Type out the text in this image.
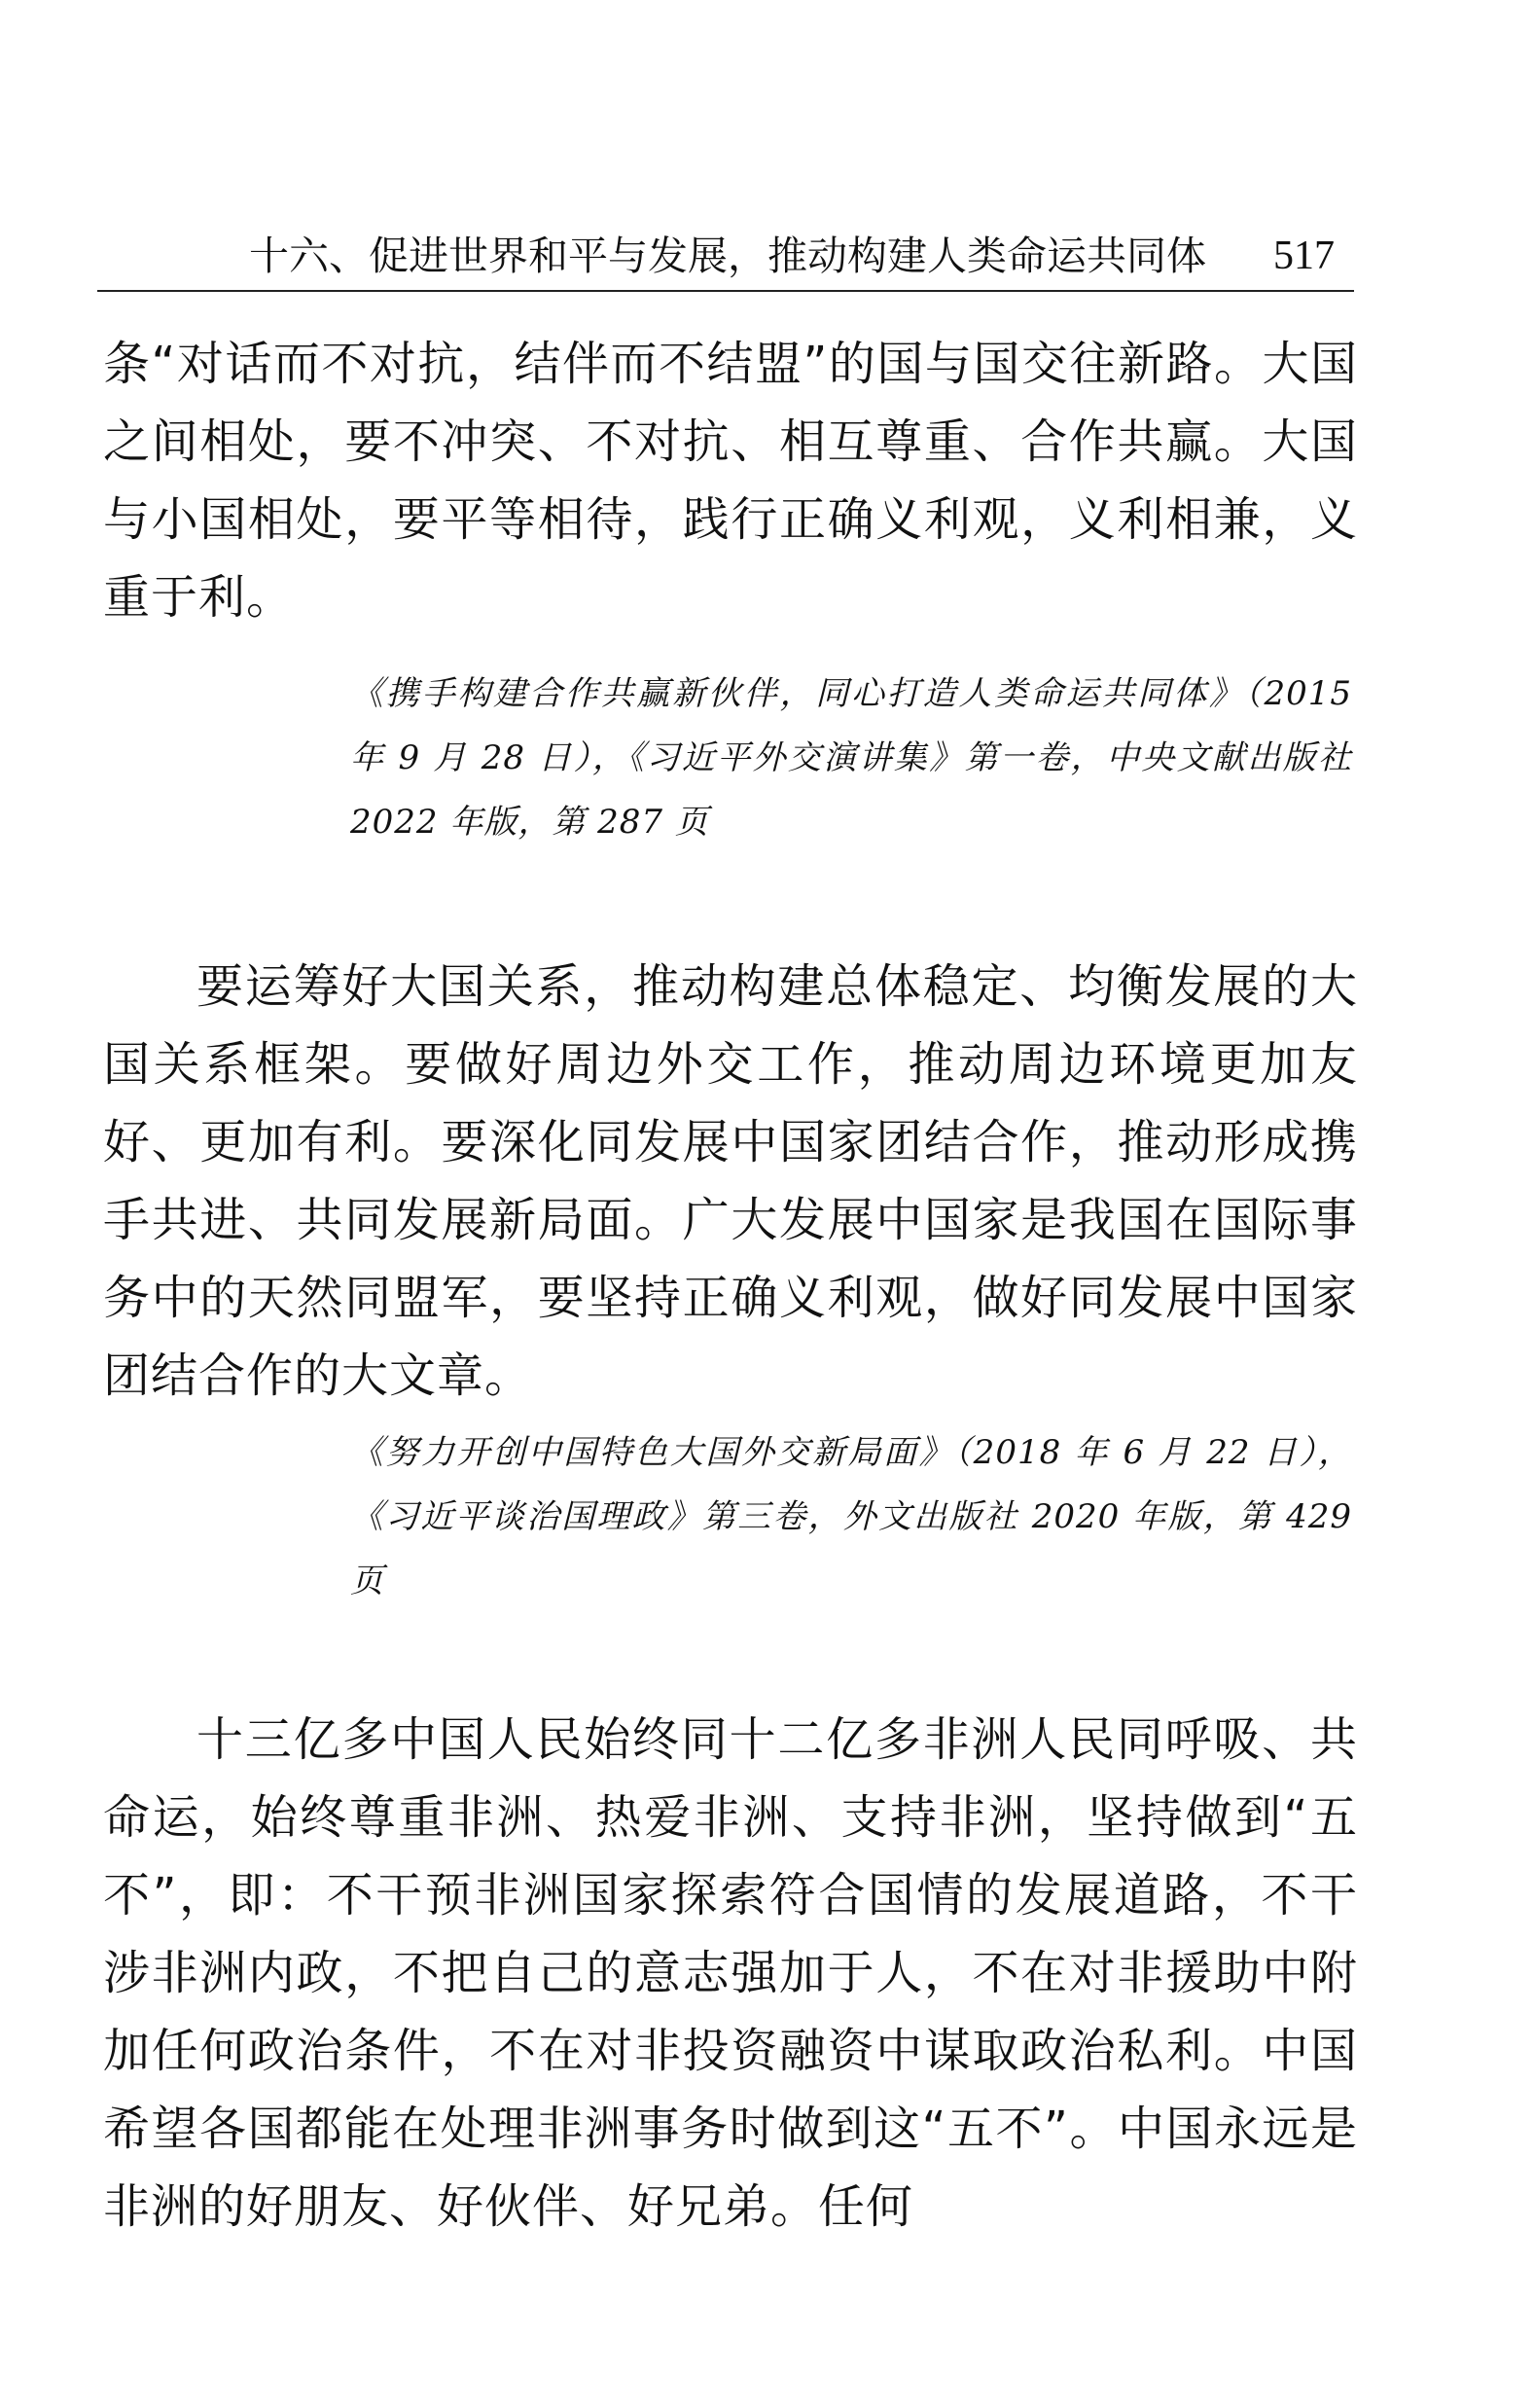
十六、促进世界和平与发展，推动构建人类命运共同体 517

条“对话而不对抗，结伴而不结盟”的国与国交往新路。大国之间相处，要不冲突、不对抗、相互尊重、合作共赢。大国与小国相处，要平等相待，践行正确义利观，义利相兼，义重于利。

《携手构建合作共赢新伙伴，同心打造人类命运共同体》（2015 年 9 月 28 日），《习近平外交演讲集》第一卷，中央文献出版社 2022 年版，第 287 页

要运筹好大国关系，推动构建总体稳定、均衡发展的大国关系框架。要做好周边外交工作，推动周边环境更加友好、更加有利。要深化同发展中国家团结合作，推动形成携手共进、共同发展新局面。广大发展中国家是我国在国际事务中的天然同盟军，要坚持正确义利观，做好同发展中国家团结合作的大文章。

《努力开创中国特色大国外交新局面》（2018 年 6 月 22 日），《习近平谈治国理政》第三卷，外文出版社 2020 年版，第 429 页

十三亿多中国人民始终同十二亿多非洲人民同呼吸、共命运，始终尊重非洲、热爱非洲、支持非洲，坚持做到“五不”，即：不干预非洲国家探索符合国情的发展道路，不干涉非洲内政，不把自己的意志强加于人，不在对非援助中附加任何政治条件，不在对非投资融资中谋取政治私利。中国希望各国都能在处理非洲事务时做到这“五不”。中国永远是非洲的好朋友、好伙伴、好兄弟。任何
